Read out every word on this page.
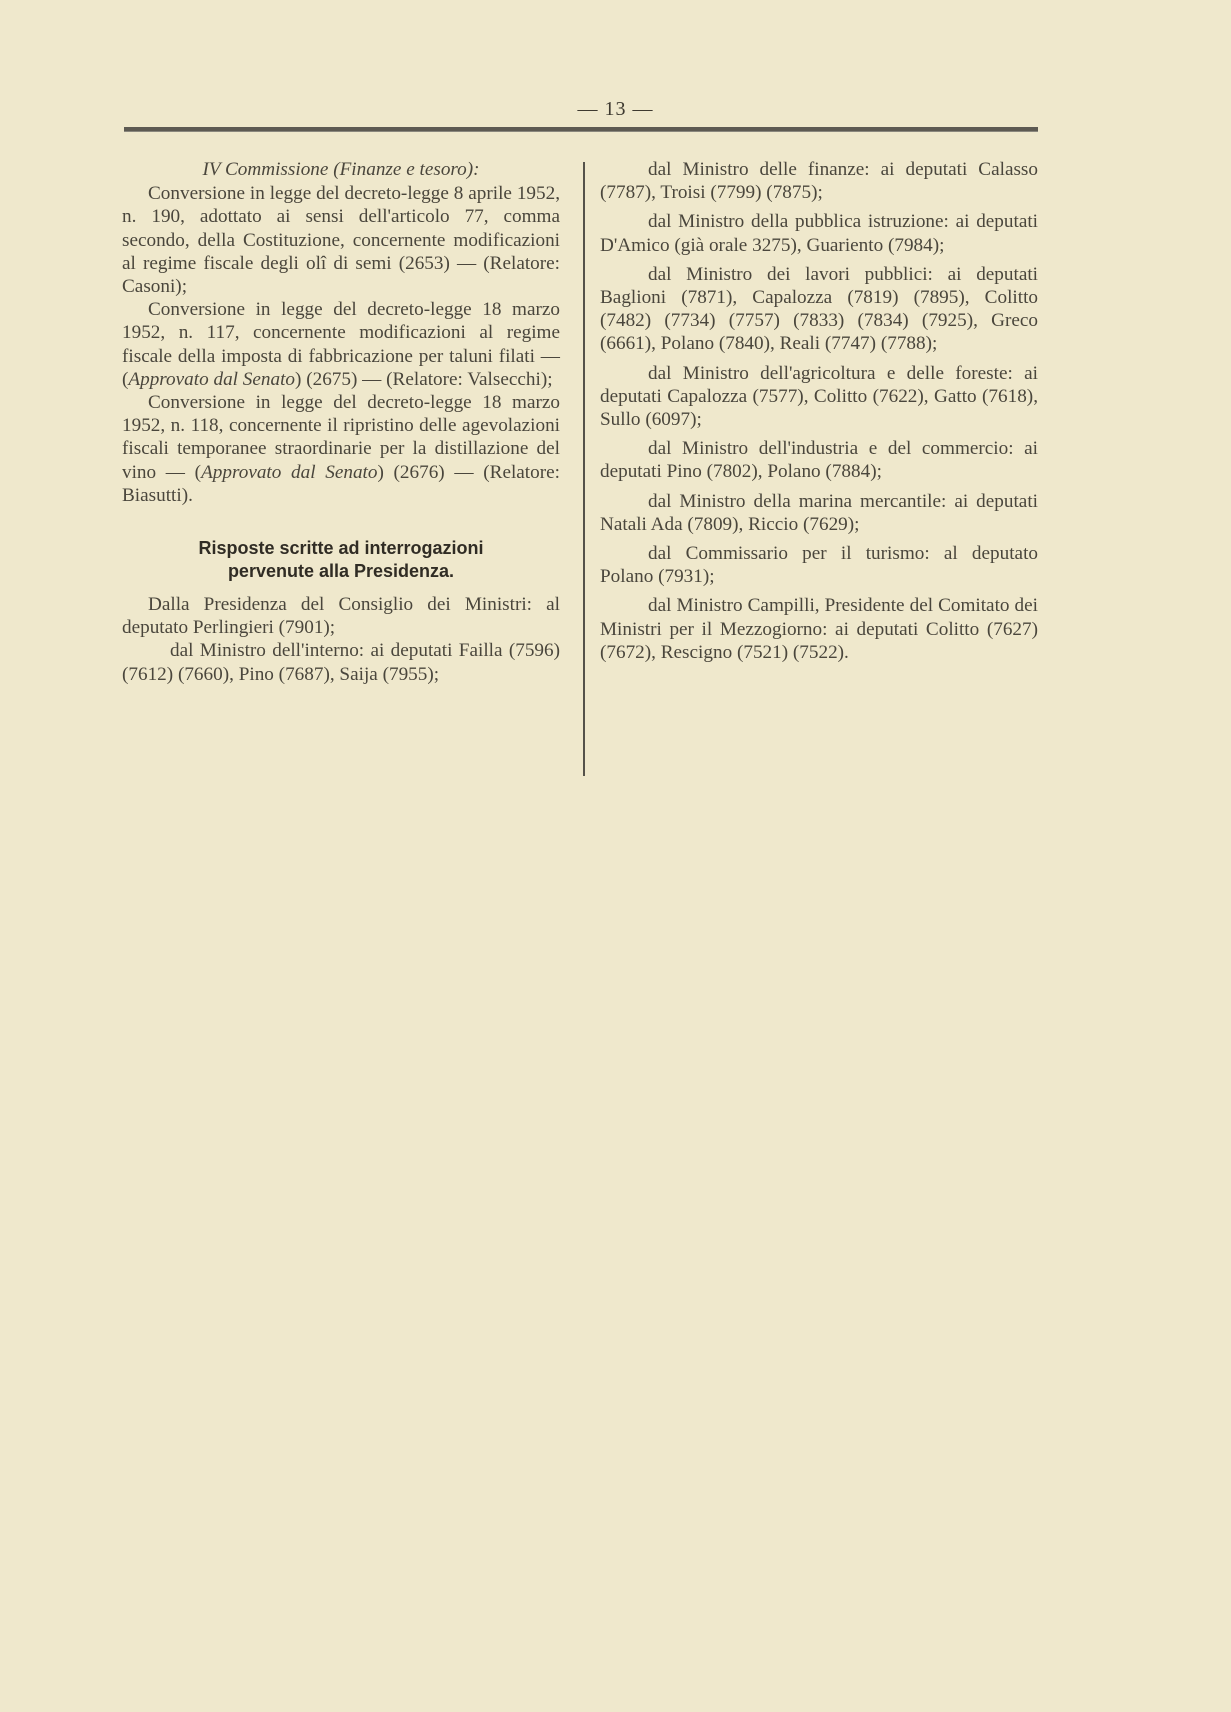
— 13 —

IV Commissione (Finanze e tesoro):

Conversione in legge del decreto-legge 8 aprile 1952, n. 190, adottato ai sensi dell'articolo 77, comma secondo, della Costituzione, concernente modificazioni al regime fiscale degli olî di semi (2653) — (Relatore: Casoni);

Conversione in legge del decreto-legge 18 marzo 1952, n. 117, concernente modificazioni al regime fiscale della imposta di fabbricazione per taluni filati — (Approvato dal Senato) (2675) — (Relatore: Valsecchi);

Conversione in legge del decreto-legge 18 marzo 1952, n. 118, concernente il ripristino delle agevolazioni fiscali temporanee straordinarie per la distillazione del vino — (Approvato dal Senato) (2676) — (Relatore: Biasutti).

Risposte scritte ad interrogazioni
pervenute alla Presidenza.

Dalla Presidenza del Consiglio dei Ministri: al deputato Perlingieri (7901);

dal Ministro dell'interno: ai deputati Failla (7596) (7612) (7660), Pino (7687), Saija (7955);

dal Ministro delle finanze: ai deputati Calasso (7787), Troisi (7799) (7875);

dal Ministro della pubblica istruzione: ai deputati D'Amico (già orale 3275), Guariento (7984);

dal Ministro dei lavori pubblici: ai deputati Baglioni (7871), Capalozza (7819) (7895), Colitto (7482) (7734) (7757) (7833) (7834) (7925), Greco (6661), Polano (7840), Reali (7747) (7788);

dal Ministro dell'agricoltura e delle foreste: ai deputati Capalozza (7577), Colitto (7622), Gatto (7618), Sullo (6097);

dal Ministro dell'industria e del commercio: ai deputati Pino (7802), Polano (7884);

dal Ministro della marina mercantile: ai deputati Natali Ada (7809), Riccio (7629);

dal Commissario per il turismo: al deputato Polano (7931);

dal Ministro Campilli, Presidente del Comitato dei Ministri per il Mezzogiorno: ai deputati Colitto (7627) (7672), Rescigno (7521) (7522).
